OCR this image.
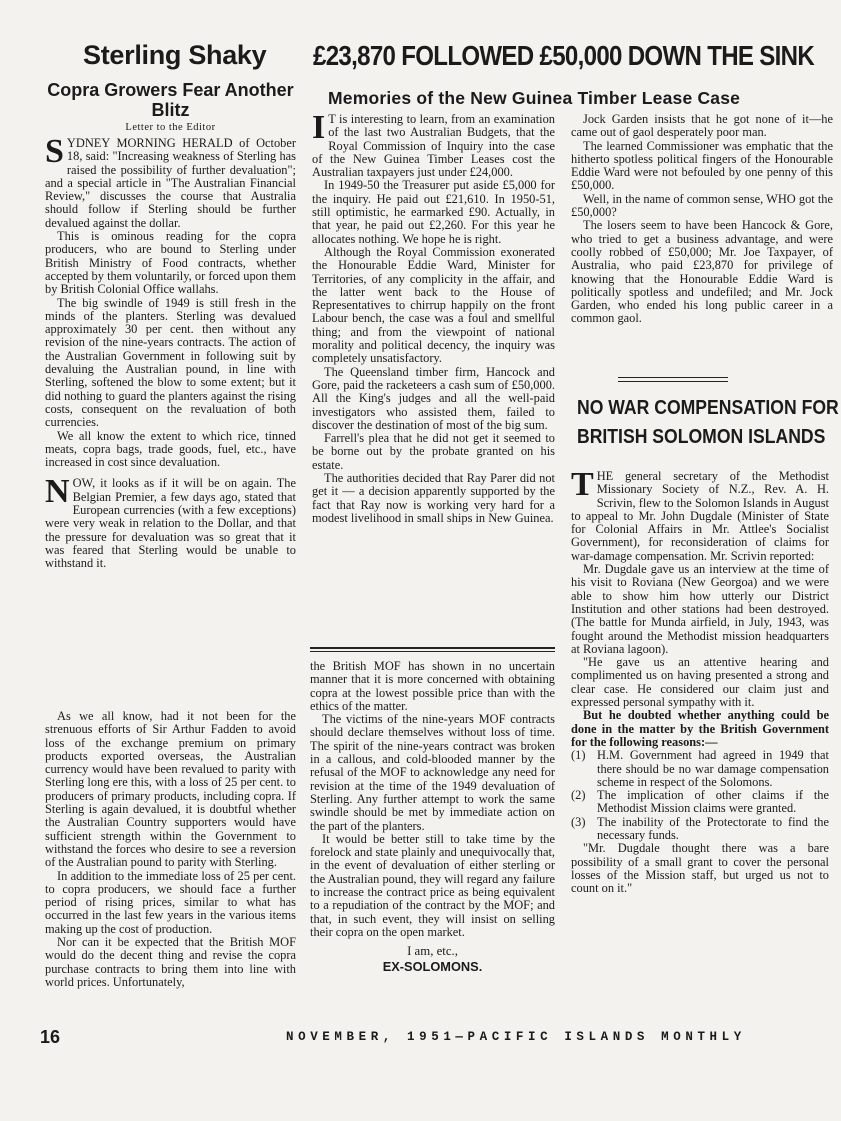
Sterling Shaky £23,870 FOLLOWED £50,000 DOWN THE SINK
Copra Growers Fear Another Blitz
Letter to the Editor

SYDNEY MORNING HERALD of October 18, said: "Increasing weakness of Sterling has raised the possibility of further devaluation"; and a special article in "The Australian Financial Review," discusses the course that Australia should follow if Sterling should be further devalued against the dollar.

This is ominous reading for the copra producers, who are bound to Sterling under British Ministry of Food contracts, whether accepted by them voluntarily, or forced upon them by British Colonial Office wallahs.

The big swindle of 1949 is still fresh in the minds of the planters. Sterling was devalued approximately 30 per cent. then without any revision of the nine-years contracts. The action of the Australian Government in following suit by devaluing the Australian pound, in line with Sterling, softened the blow to some extent; but it did nothing to guard the planters against the rising costs, consequent on the revaluation of both currencies.

We all know the extent to which rice, tinned meats, copra bags, trade goods, fuel, etc., have increased in cost since devaluation.

NOW, it looks as if it will be on again. The Belgian Premier, a few days ago, stated that European currencies (with a few exceptions) were very weak in relation to the Dollar, and that the pressure for devaluation was so great that it was feared that Sterling would be unable to withstand it.

As we all know, had it not been for the strenuous efforts of Sir Arthur Fadden to avoid loss of the exchange premium on primary products exported overseas, the Australian currency would have been revalued to parity with Sterling long ere this, with a loss of 25 per cent. to producers of primary products, including copra. If Sterling is again devalued, it is doubtful whether the Australian Country supporters would have sufficient strength within the Government to withstand the forces who desire to see a reversion of the Australian pound to parity with Sterling.

In addition to the immediate loss of 25 per cent. to copra producers, we should face a further period of rising prices, similar to what has occurred in the last few years in the various items making up the cost of production.

Nor can it be expected that the British MOF would do the decent thing and revise the copra purchase contracts to bring them into line with world prices. Unfortunately,

Memories of the New Guinea Timber Lease Case

I T is interesting to learn, from an examination of the last two Australian Budgets, that the Royal Commission of Inquiry into the case of the New Guinea Timber Leases cost the Australian taxpayers just under £24,000.

In 1949-50 the Treasurer put aside £5,000 for the inquiry. He paid out £21,610. In 1950-51, still optimistic, he earmarked £90. Actually, in that year, he paid out £2,260. For this year he allocates nothing. We hope he is right.

Although the Royal Commission exonerated the Honourable Eddie Ward, Minister for Territories, of any complicity in the affair, and the latter went back to the House of Representatives to chirrup happily on the front Labour bench, the case was a foul and smellful thing; and from the viewpoint of national morality and political decency, the inquiry was completely unsatisfactory.

The Queensland timber firm, Hancock and Gore, paid the racketeers a cash sum of £50,000. All the King's judges and all the well-paid investigators who assisted them, failed to discover the destination of most of the big sum.

Farrell's plea that he did not get it seemed to be borne out by the probate granted on his estate.

The authorities decided that Ray Parer did not get it — a decision apparently supported by the fact that Ray now is working very hard for a modest livelihood in small ships in New Guinea.

the British MOF has shown in no uncertain manner that it is more concerned with obtaining copra at the lowest possible price than with the ethics of the matter.

The victims of the nine-years MOF contracts should declare themselves without loss of time. The spirit of the nine-years contract was broken in a callous, and cold-blooded manner by the refusal of the MOF to acknowledge any need for revision at the time of the 1949 devaluation of Sterling. Any further attempt to work the same swindle should be met by immediate action on the part of the planters.

It would be better still to take time by the forelock and state plainly and unequivocally that, in the event of devaluation of either sterling or the Australian pound, they will regard any failure to increase the contract price as being equivalent to a repudiation of the contract by the MOF; and that, in such event, they will insist on selling their copra on the open market.

I am, etc.,
EX-SOLOMONS.

Jock Garden insists that he got none of it—he came out of gaol desperately poor man.

The learned Commissioner was emphatic that the hitherto spotless political fingers of the Honourable Eddie Ward were not befouled by one penny of this £50,000.

Well, in the name of common sense, WHO got the £50,000?

The losers seem to have been Hancock & Gore, who tried to get a business advantage, and were coolly robbed of £50,000; Mr. Joe Taxpayer, of Australia, who paid £23,870 for privilege of knowing that the Honourable Eddie Ward is politically spotless and undefiled; and Mr. Jock Garden, who ended his long public career in a common gaol.

NO WAR COMPENSATION FOR
BRITISH SOLOMON ISLANDS

THE general secretary of the Methodist Missionary Society of N.Z., Rev. A. H. Scrivin, flew to the Solomon Islands in August to appeal to Mr. John Dugdale (Minister of State for Colonial Affairs in Mr. Attlee's Socialist Government), for reconsideration of claims for war-damage compensation. Mr. Scrivin reported:

Mr. Dugdale gave us an interview at the time of his visit to Roviana (New Georgoa) and we were able to show him how utterly our District Institution and other stations had been destroyed. (The battle for Munda airfield, in July, 1943, was fought around the Methodist mission headquarters at Roviana lagoon).

"He gave us an attentive hearing and complimented us on having presented a strong and clear case. He considered our claim just and expressed personal sympathy with it.

But he doubted whether anything could be done in the matter by the British Government for the following reasons:—

(1) H.M. Government had agreed in 1949 that there should be no war damage compensation scheme in respect of the Solomons.

(2) The implication of other claims if the Methodist Mission claims were granted.

(3) The inability of the Protectorate to find the necessary funds.

"Mr. Dugdale thought there was a bare possibility of a small grant to cover the personal losses of the Mission staff, but urged us not to count on it."

16	NOVEMBER, 1951—PACIFIC ISLANDS MONTHLY
